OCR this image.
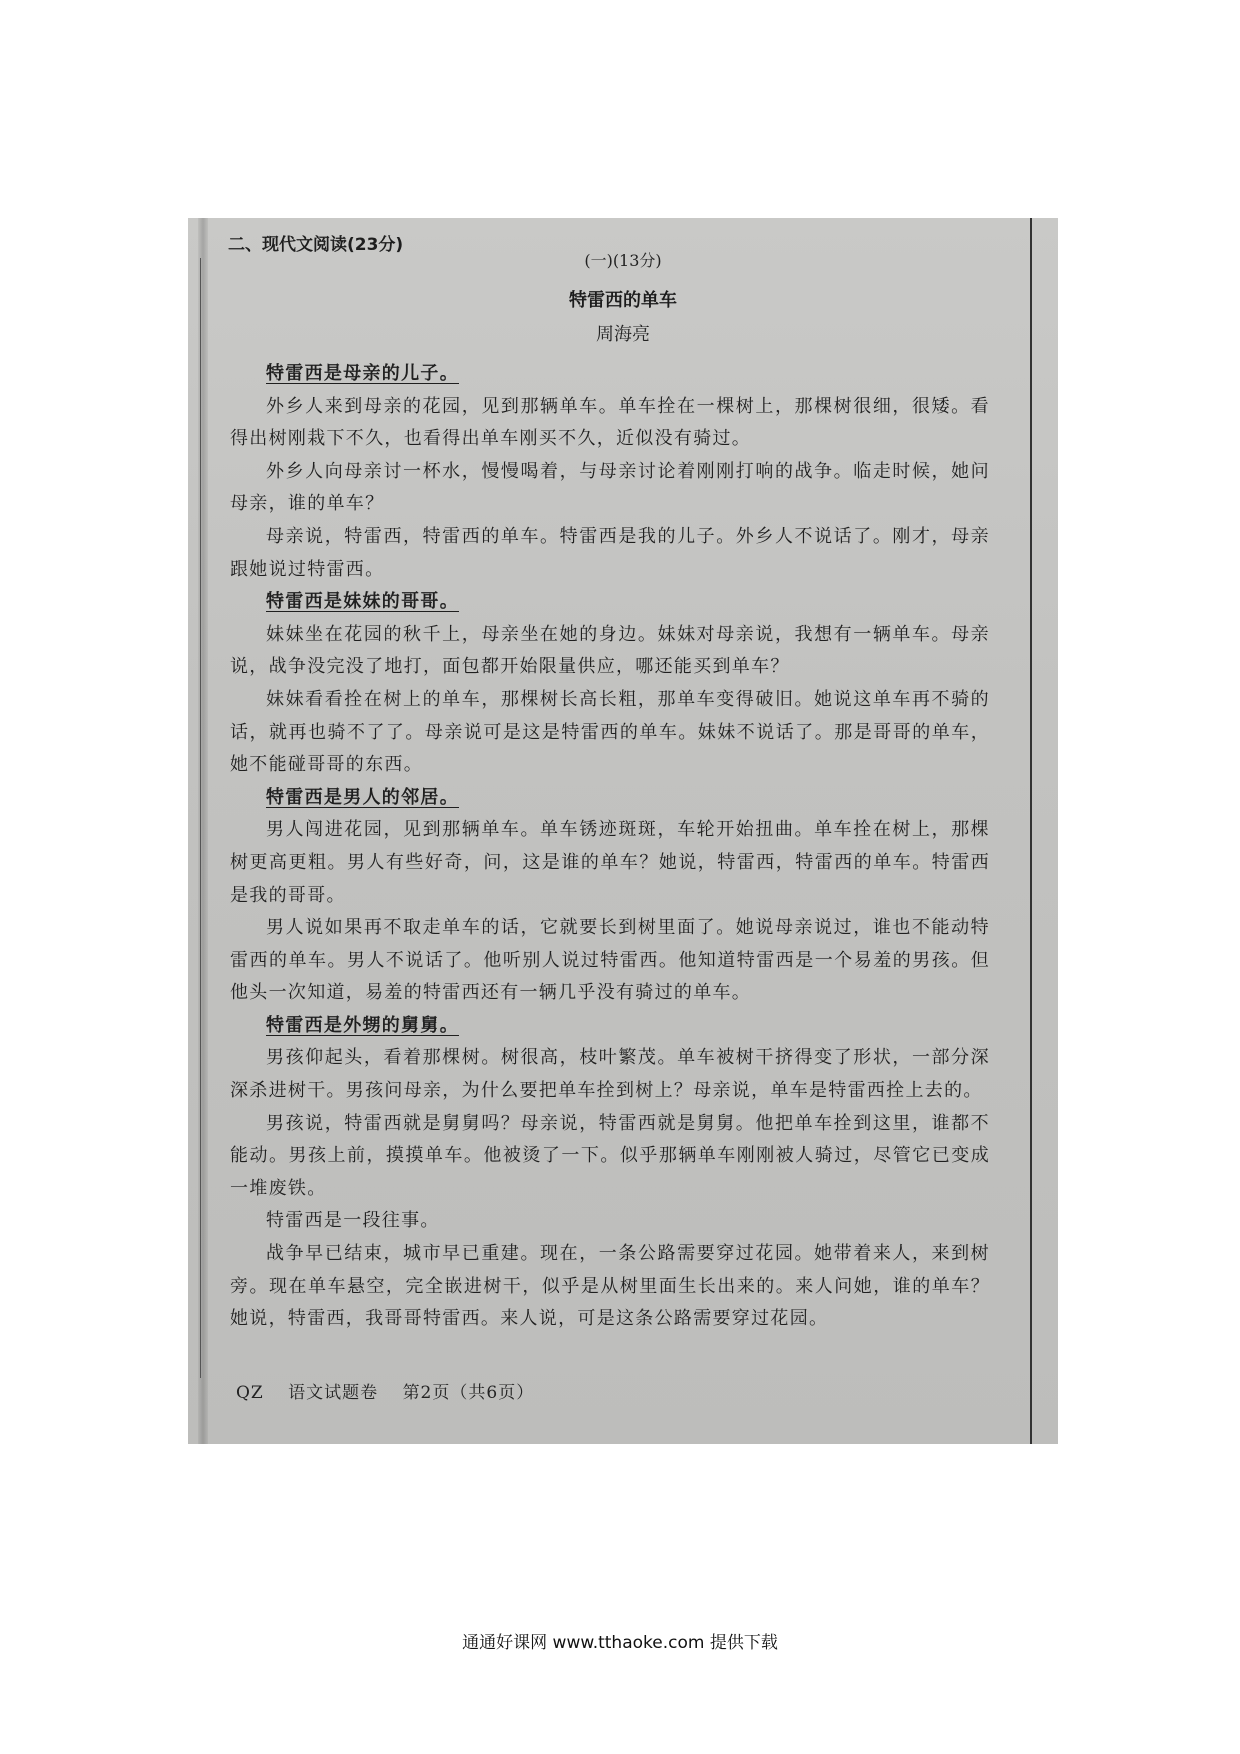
二、现代文阅读(23分)
(一)(13分)
特雷西的单车
周海亮

特雷西是母亲的儿子。

外乡人来到母亲的花园，见到那辆单车。单车拴在一棵树上，那棵树很细，很矮。看得出树刚栽下不久，也看得出单车刚买不久，近似没有骑过。

外乡人向母亲讨一杯水，慢慢喝着，与母亲讨论着刚刚打响的战争。临走时候，她问母亲，谁的单车？

母亲说，特雷西，特雷西的单车。特雷西是我的儿子。外乡人不说话了。刚才，母亲跟她说过特雷西。

特雷西是妹妹的哥哥。

妹妹坐在花园的秋千上，母亲坐在她的身边。妹妹对母亲说，我想有一辆单车。母亲说，战争没完没了地打，面包都开始限量供应，哪还能买到单车？

妹妹看看拴在树上的单车，那棵树长高长粗，那单车变得破旧。她说这单车再不骑的话，就再也骑不了了。母亲说可是这是特雷西的单车。妹妹不说话了。那是哥哥的单车，她不能碰哥哥的东西。

特雷西是男人的邻居。

男人闯进花园，见到那辆单车。单车锈迹斑斑，车轮开始扭曲。单车拴在树上，那棵树更高更粗。男人有些好奇，问，这是谁的单车？她说，特雷西，特雷西的单车。特雷西是我的哥哥。

男人说如果再不取走单车的话，它就要长到树里面了。她说母亲说过，谁也不能动特雷西的单车。男人不说话了。他听别人说过特雷西。他知道特雷西是一个易羞的男孩。但他头一次知道，易羞的特雷西还有一辆几乎没有骑过的单车。

特雷西是外甥的舅舅。

男孩仰起头，看着那棵树。树很高，枝叶繁茂。单车被树干挤得变了形状，一部分深深杀进树干。男孩问母亲，为什么要把单车拴到树上？母亲说，单车是特雷西拴上去的。

男孩说，特雷西就是舅舅吗？母亲说，特雷西就是舅舅。他把单车拴到这里，谁都不能动。男孩上前，摸摸单车。他被烫了一下。似乎那辆单车刚刚被人骑过，尽管它已变成一堆废铁。

特雷西是一段往事。

战争早已结束，城市早已重建。现在，一条公路需要穿过花园。她带着来人，来到树旁。现在单车悬空，完全嵌进树干，似乎是从树里面生长出来的。来人问她，谁的单车？她说，特雷西，我哥哥特雷西。来人说，可是这条公路需要穿过花园。

QZ 语文试题卷 第2页（共6页）
通通好课网 www.tthaoke.com 提供下载
